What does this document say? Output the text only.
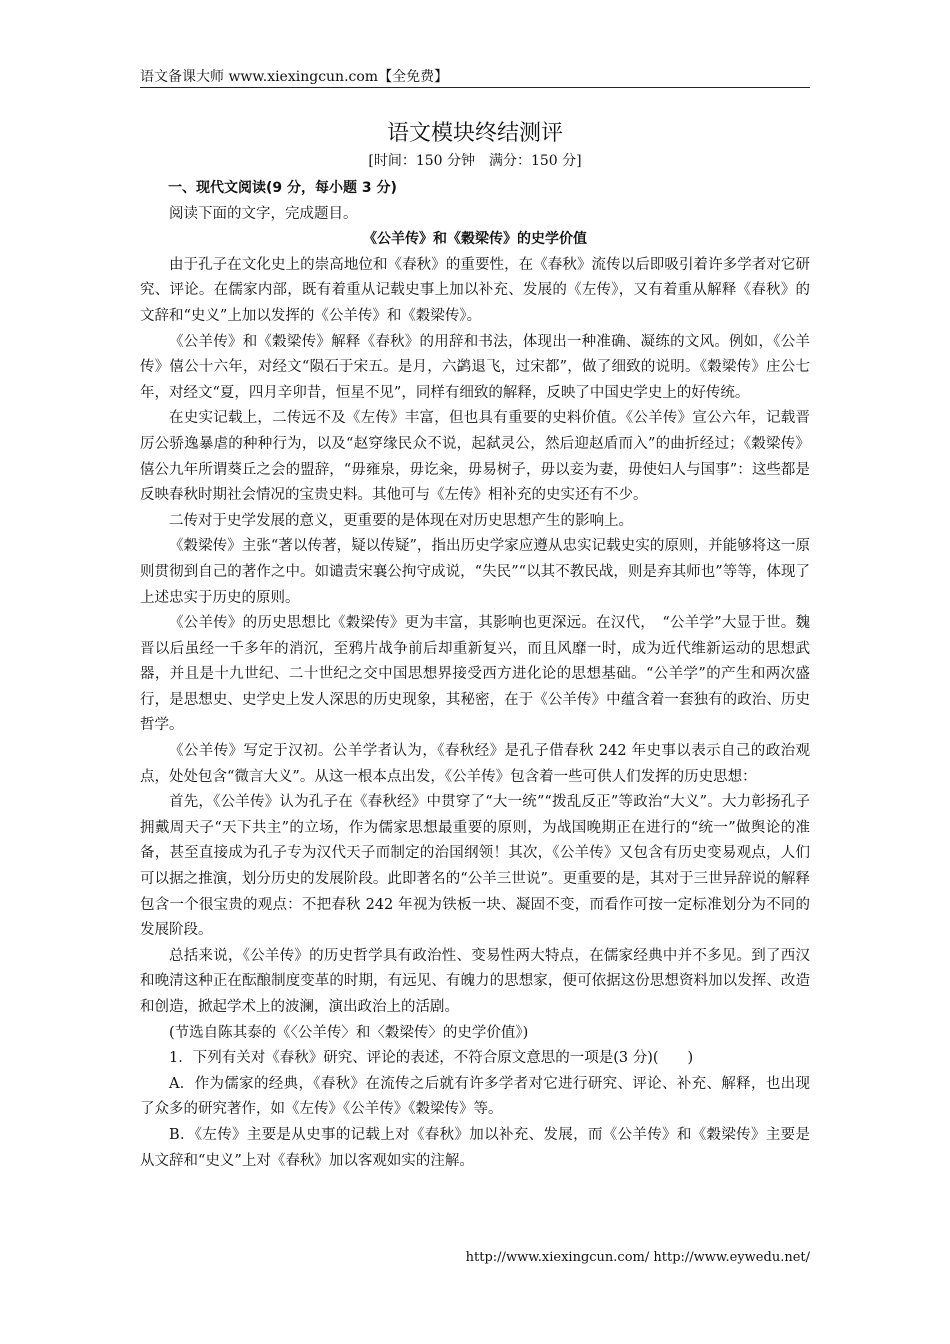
语文备课大师 www.xiexingcun.com【全免费】
语文模块终结测评
[时间：150 分钟　满分：150 分]

一、现代文阅读(9 分，每小题 3 分)

阅读下面的文字，完成题目。

《公羊传》和《穀梁传》的史学价值

由于孔子在文化史上的崇高地位和《春秋》的重要性，在《春秋》流传以后即吸引着许多学者对它研究、评论。在儒家内部，既有着重从记载史事上加以补充、发展的《左传》，又有着重从解释《春秋》的文辞和“史义”上加以发挥的《公羊传》和《穀梁传》。

《公羊传》和《穀梁传》解释《春秋》的用辞和书法，体现出一种准确、凝练的文风。例如，《公羊传》僖公十六年，对经文“陨石于宋五。是月，六鹢退飞，过宋都”，做了细致的说明。《穀梁传》庄公七年，对经文“夏，四月辛卯昔，恒星不见”，同样有细致的解释，反映了中国史学史上的好传统。

在史实记载上，二传远不及《左传》丰富，但也具有重要的史料价值。《公羊传》宣公六年，记载晋厉公骄逸暴虐的种种行为，以及“赵穿缘民众不说，起弑灵公，然后迎赵盾而入”的曲折经过；《穀梁传》僖公九年所谓葵丘之会的盟辞，“毋雍泉，毋讫籴，毋易树子，毋以妾为妻，毋使妇人与国事”：这些都是反映春秋时期社会情况的宝贵史料。其他可与《左传》相补充的史实还有不少。

二传对于史学发展的意义，更重要的是体现在对历史思想产生的影响上。

《穀梁传》主张“著以传著，疑以传疑”，指出历史学家应遵从忠实记载史实的原则，并能够将这一原则贯彻到自己的著作之中。如谴责宋襄公拘守成说，“失民”“以其不教民战，则是弃其师也”等等，体现了上述忠实于历史的原则。

《公羊传》的历史思想比《穀梁传》更为丰富，其影响也更深远。在汉代，　“公羊学”大显于世。魏晋以后虽经一千多年的消沉，至鸦片战争前后却重新复兴，而且风靡一时，成为近代维新运动的思想武器，并且是十九世纪、二十世纪之交中国思想界接受西方进化论的思想基础。“公羊学”的产生和两次盛行，是思想史、史学史上发人深思的历史现象，其秘密，在于《公羊传》中蕴含着一套独有的政治、历史哲学。

《公羊传》写定于汉初。公羊学者认为，《春秋经》是孔子借春秋 242 年史事以表示自己的政治观点，处处包含“微言大义”。从这一根本点出发，《公羊传》包含着一些可供人们发挥的历史思想：

首先，《公羊传》认为孔子在《春秋经》中贯穿了“大一统”“拨乱反正”等政治“大义”。大力彰扬孔子拥戴周天子“天下共主”的立场，作为儒家思想最重要的原则，为战国晚期正在进行的“统一”做舆论的准备，甚至直接成为孔子专为汉代天子而制定的治国纲领！其次，《公羊传》又包含有历史变易观点，人们可以据之推演，划分历史的发展阶段。此即著名的“公羊三世说”。更重要的是，其对于三世异辞说的解释包含一个很宝贵的观点：不把春秋 242 年视为铁板一块、凝固不变，而看作可按一定标准划分为不同的发展阶段。

总括来说，《公羊传》的历史哲学具有政治性、变易性两大特点，在儒家经典中并不多见。到了西汉和晚清这种正在酝酿制度变革的时期，有远见、有魄力的思想家，便可依据这份思想资料加以发挥、改造和创造，掀起学术上的波澜，演出政治上的活剧。

(节选自陈其泰的《〈公羊传〉和〈穀梁传〉的史学价值》)

1．下列有关对《春秋》研究、评论的表述，不符合原文意思的一项是(3 分)(　　)

A．作为儒家的经典，《春秋》在流传之后就有许多学者对它进行研究、评论、补充、解释，也出现了众多的研究著作，如《左传》《公羊传》《穀梁传》等。

B．《左传》主要是从史事的记载上对《春秋》加以补充、发展，而《公羊传》和《穀梁传》主要是从文辞和“史义”上对《春秋》加以客观如实的注解。

http://www.xiexingcun.com/ http://www.eywedu.net/
